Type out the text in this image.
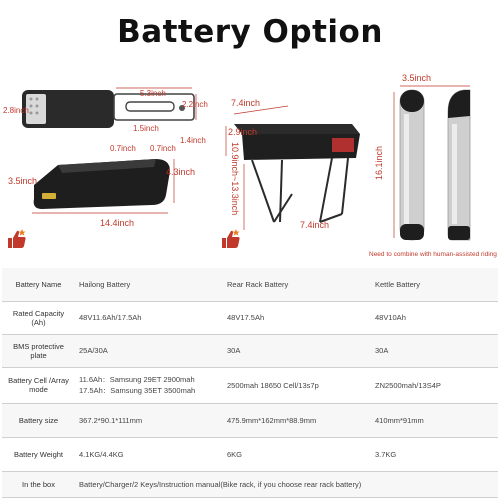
Battery Option
5.3inch
2.2inch
2.8inch
1.5inch
1.4inch
0.7inch 0.7inch
3.5inch
4.3inch
14.4inch
7.4inch
2.9inch
10.9inch~13.3inch
7.4inch
3.5inch
16.1inch
Need to combine with human-assisted riding
Battery Name	Hailong Battery	Rear Rack Battery	Kettle Battery
Rated Capacity (Ah)	48V11.6Ah/17.5Ah	48V17.5Ah	48V10Ah
BMS protective plate	25A/30A	30A	30A
Battery Cell /Array mode	11.6Ah：Samsung 29ET 2900mah
17.5Ah：Samsung 35ET 3500mah	2500mah 18650 Cell/13s7p	ZN2500mah/13S4P
Battery size	367.2*90.1*111mm	475.9mm*162mm*88.9mm	410mm*91mm
Battery Weight	4.1KG/4.4KG	6KG	3.7KG
In the box	Battery/Charger/2 Keys/Instruction manual(Bike rack, if you choose rear rack battery)		
